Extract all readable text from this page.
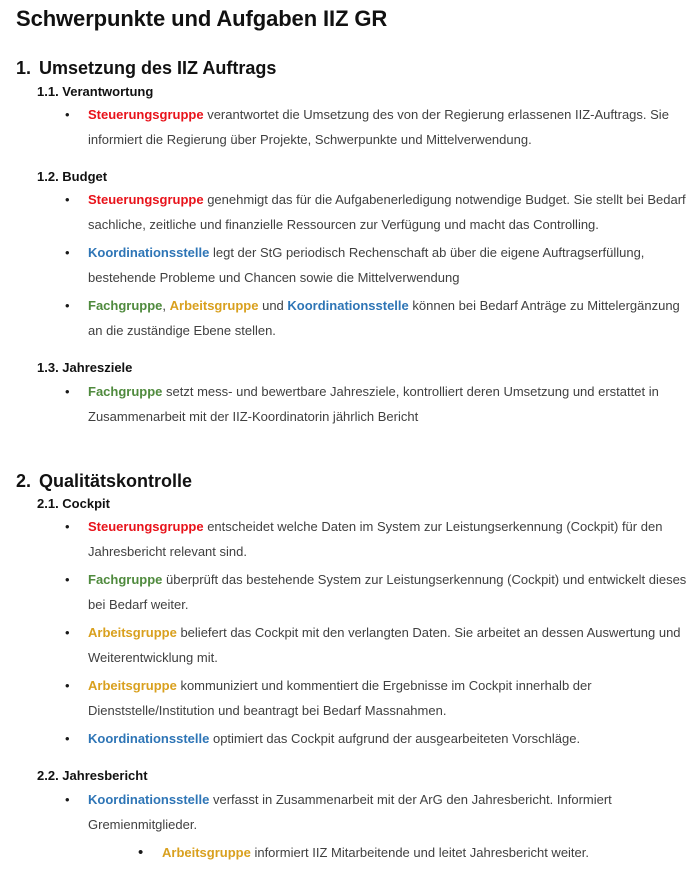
Schwerpunkte und Aufgaben IIZ GR
1. Umsetzung des IIZ Auftrags
1.1. Verantwortung
• Steuerungsgruppe verantwortet die Umsetzung des von der Regierung erlassenen IIZ-Auftrags. Sie informiert die Regierung über Projekte, Schwerpunkte und Mittelverwendung.
1.2. Budget
• Steuerungsgruppe genehmigt das für die Aufgabenerledigung notwendige Budget. Sie stellt bei Bedarf sachliche, zeitliche und finanzielle Ressourcen zur Verfügung und macht das Controlling.
• Koordinationsstelle legt der StG periodisch Rechenschaft ab über die eigene Auftragserfüllung, bestehende Probleme und Chancen sowie die Mittelverwendung
• Fachgruppe, Arbeitsgruppe und Koordinationsstelle können bei Bedarf Anträge zu Mittelergänzung an die zuständige Ebene stellen.
1.3. Jahresziele
• Fachgruppe setzt mess- und bewertbare Jahresziele, kontrolliert deren Umsetzung und erstattet in Zusammenarbeit mit der IIZ-Koordinatorin jährlich Bericht
2. Qualitätskontrolle
2.1. Cockpit
• Steuerungsgruppe entscheidet welche Daten im System zur Leistungserkennung (Cockpit) für den Jahresbericht relevant sind.
• Fachgruppe überprüft das bestehende System zur Leistungserkennung (Cockpit) und entwickelt dieses bei Bedarf weiter.
• Arbeitsgruppe beliefert das Cockpit mit den verlangten Daten. Sie arbeitet an dessen Auswertung und Weiterentwicklung mit.
• Arbeitsgruppe kommuniziert und kommentiert die Ergebnisse im Cockpit innerhalb der Dienststelle/Institution und beantragt bei Bedarf Massnahmen.
• Koordinationsstelle optimiert das Cockpit aufgrund der ausgearbeiteten Vorschläge.
2.2. Jahresbericht
• Koordinationsstelle verfasst in Zusammenarbeit mit der ArG den Jahresbericht. Informiert Gremienmitglieder.
• Arbeitsgruppe informiert IIZ Mitarbeitende und leitet Jahresbericht weiter.
